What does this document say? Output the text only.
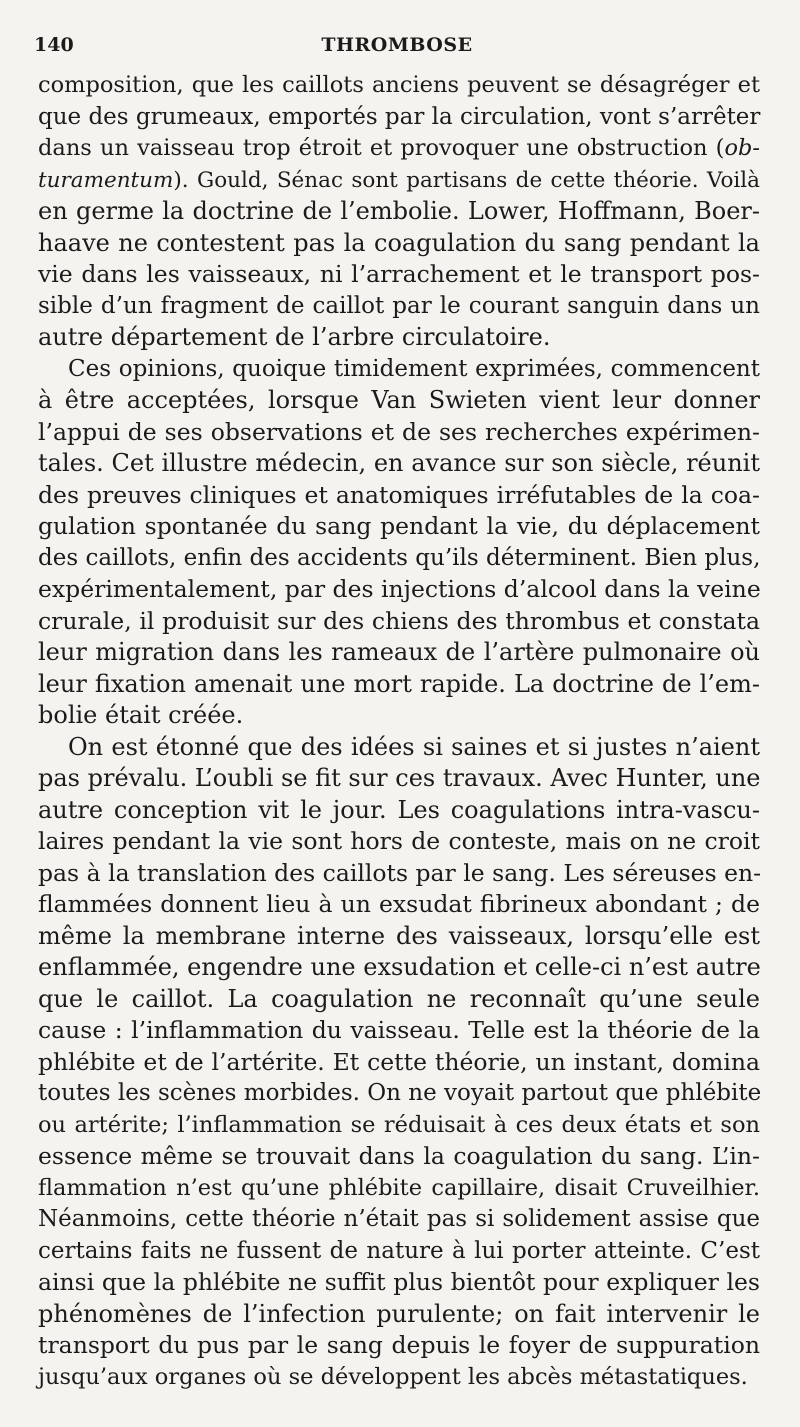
140	THROMBOSE
composition, que les caillots anciens peuvent se désagréger et
que des grumeaux, emportés par la circulation, vont s’arrêter
dans un vaisseau trop étroit et provoquer une obstruction (ob-
turamentum). Gould, Sénac sont partisans de cette théorie. Voilà
en germe la doctrine de l’embolie. Lower, Hoffmann, Boer-
haave ne contestent pas la coagulation du sang pendant la
vie dans les vaisseaux, ni l’arrachement et le transport pos-
sible d’un fragment de caillot par le courant sanguin dans un
autre département de l’arbre circulatoire.
Ces opinions, quoique timidement exprimées, commencent
à être acceptées, lorsque Van Swieten vient leur donner
l’appui de ses observations et de ses recherches expérimen-
tales. Cet illustre médecin, en avance sur son siècle, réunit
des preuves cliniques et anatomiques irréfutables de la coa-
gulation spontanée du sang pendant la vie, du déplacement
des caillots, enfin des accidents qu’ils déterminent. Bien plus,
expérimentalement, par des injections d’alcool dans la veine
crurale, il produisit sur des chiens des thrombus et constata
leur migration dans les rameaux de l’artère pulmonaire où
leur fixation amenait une mort rapide. La doctrine de l’em-
bolie était créée.
On est étonné que des idées si saines et si justes n’aient
pas prévalu. L’oubli se fit sur ces travaux. Avec Hunter, une
autre conception vit le jour. Les coagulations intra-vascu-
laires pendant la vie sont hors de conteste, mais on ne croit
pas à la translation des caillots par le sang. Les séreuses en-
flammées donnent lieu à un exsudat fibrineux abondant ; de
même la membrane interne des vaisseaux, lorsqu’elle est
enflammée, engendre une exsudation et celle-ci n’est autre
que le caillot. La coagulation ne reconnaît qu’une seule
cause : l’inflammation du vaisseau. Telle est la théorie de la
phlébite et de l’artérite. Et cette théorie, un instant, domina
toutes les scènes morbides. On ne voyait partout que phlébite
ou artérite; l’inflammation se réduisait à ces deux états et son
essence même se trouvait dans la coagulation du sang. L’in-
flammation n’est qu’une phlébite capillaire, disait Cruveilhier.
Néanmoins, cette théorie n’était pas si solidement assise que
certains faits ne fussent de nature à lui porter atteinte. C’est
ainsi que la phlébite ne suffit plus bientôt pour expliquer les
phénomènes de l’infection purulente; on fait intervenir le
transport du pus par le sang depuis le foyer de suppuration
jusqu’aux organes où se développent les abcès métastatiques.
